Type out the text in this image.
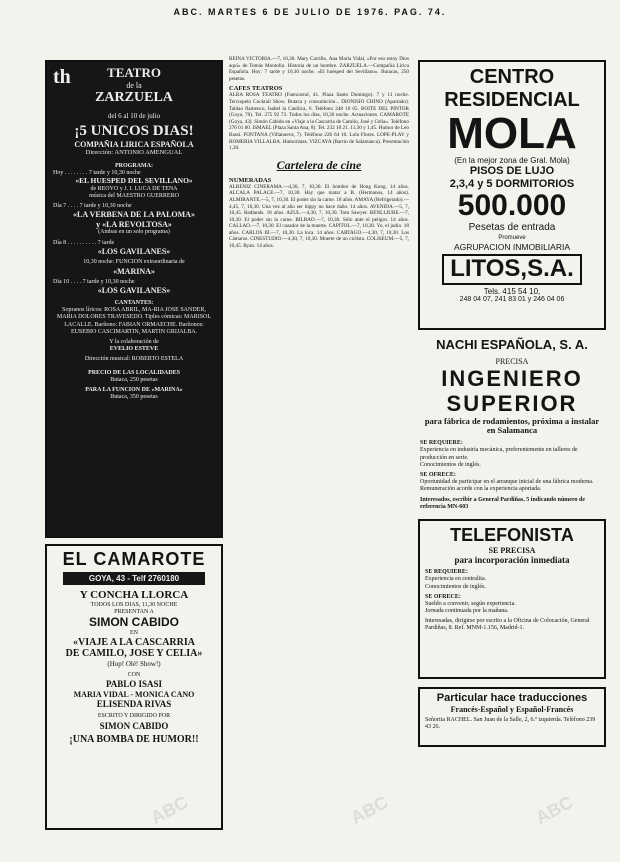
ABC. MARTES 6 DE JULIO DE 1976. PAG. 74.
th	TEATRO
de la
ZARZUELA
del 6 al 10 de julio
¡5 UNICOS DIAS!
COMPAÑIA LIRICA ESPAÑOLA
Dirección: ANTONIO AMENGUAL
PROGRAMA:
Hoy . . . . . . . . 7 tarde y 10,30 noche
«EL HUESPED DEL SEVILLANO»
de REOYO y J. I. LUCA DE TENA
música del MAESTRO GUERRERO
Día 7 . . . . 7 tarde y 10,30 noche
«LA VERBENA DE LA PALOMA»
y «LA REVOLTOSA»
(Ambas en un solo programa)
Día 8 . . . . . . . . . . 7 tarde
«LOS GAVILANES»
10,30 noche: FUNCION extraordinaria de
«MARINA»
Día 10 . . . . 7 tarde y 10,30 noche
«LOS GAVILANES»
CANTANTES:
Sopranos líricos: ROSA ABRIL, MA-RIA JOSE SANDER, MARIA DOLORES TRAVESEDO. Tiples cómicas: MARISOL LACALLE. Barítono: FABIAN ORMAECHE. Barítonos: EUSEBIO CASCIMARTIN, MARTIN GRIJALBA.
Y la colaboración de
EVELIO ESTEVE
Dirección musical: ROBERTO ESTELA
PRECIO DE LAS LOCALIDADES
Butaca, 250 pesetas
PARA LA FUNCION DE «MARINA»
Butaca, 350 pesetas
EL CAMAROTE
GOYA, 43 - Telf 2760180
Y CONCHA LLORCA
TODOS LOS DIAS, 11,30 NOCHE
PRESENTAN A
SIMON CABIDO
EN
«VIAJE A LA CASCARRIA
DE CAMILO, JOSE Y CELIA»
(Hop! Olé! Show!)
CON
PABLO ISASI
MARIA VIDAL - MONICA CANO
ELISENDA RIVAS
ESCRITO Y DIRIGIDO POR
SIMON CABIDO
¡UNA BOMBA DE HUMOR!!

REINA VICTORIA.—7, 10,30. Mary Carrillo, Ana María Vidal, «Por eso estoy Dios aquí» de Tomás Montolíu. Historia de un hombre. ZARZUELA.—Compañía Lírica Española. Hoy: 7 tarde y 10,30 noche. «El huésped del Sevillano». Butacas, 250 pesetas.

CAFES TEATROS

ALBA ROSA TEATRO (Fuencarral, 41. Plaza Santo Domingo). 7 y 11 noche. Terciopelo Cocktail Show. Butaca y consumición... DIONISIO CHINO (Apartado). Tablao flamenco, Isabel la Católica, 6. Teléfono 248 10 05. BOITE DEL PINTOR (Goya, 70). Tel. 275 92 73. Todos los días, 10,30 noche. Actuaciones. CAMAROTE (Goya, 43). Simón Cabido en «Viaje a la Cascarria de Camilo, José y Celia». Teléfono 276 01 80. ISMAEL (Plaza Santa Ana, 8). Tel. 232 10 21. 11,30 y 1,45. Humor de Leo Bassi. FONTANA (Villanueva, 7). Teléfono 226 64 10. Lola Flores. LOPE-PLAY y ROMERIA VILLALBA. Humoristas. VIZCAYA (Barrio de Salamanca). Presentación 1,30.

Cartelera de cine
NUMERADAS

ALBENIZ CINERAMA.—4,30, 7, 10,30. El hombre de Hong Kong. 14 años. ALCALA PALACE.—7, 10,30. Hay que matar a B. (Hermanos, 14 años). ALMIRANTE.—5, 7, 10,30. El poder sin la carne. 18 años. AMAYA (Refrigerado).—4,45, 7, 10,30. Una vez al año ser hippy no hace daño. 14 años. AVENIDA.—5, 7, 10,45. Badlands. 18 años. AZUL.—4,30, 7, 10,30. Tom Sawyer. BENLLIURE.—7, 10,30. El poder sin la carne. BILBAO.—7, 10,30. Sólo ante el peligro. 14 años. CALLAO.—7, 10,30. El cazador de la muerte. CAPITOL.—7, 10,30. Yo, el judío. 18 años. CARLOS III.—7, 10,30. La loca. 14 años. CARTAGO.—4,30, 7, 10,30. Los Cámaros. CINESTUDIO.—4,30, 7, 10,30. Muerte de un ciclista. COLISEUM.—5, 7, 10,45. Ryan. 14 años.

CENTRO
RESIDENCIAL
MOLA
(En la mejor zona de Gral. Mola)
PISOS DE LUJO
2,3,4 y 5 DORMITORIOS
500.000
Pesetas de entrada
Promueve
AGRUPACION INMOBILIARIA
LITOS,S.A.
Tels. 415 54 10,
248 04 07, 241 83 01 y 246 04 06
NACHI ESPAÑOLA, S. A.
PRECISA
INGENIERO
SUPERIOR
para fábrica de rodamientos, próxima a instalar en Salamanca
SE REQUIERE:
Experiencia en industria mecánica, preferentemente en talleres de producción en serie.
Conocimientos de inglés.
SE OFRECE:
Oportunidad de participar en el arranque inicial de una fábrica moderna.
Remuneración acorde con la experiencia aportada.
Interesados, escribir a General Pardiñas, 5 indicando número de referencia MN-603
TELEFONISTA
SE PRECISA
para incorporación inmediata
SE REQUIERE:
Experiencia en centralita.
Conocimientos de inglés.
SE OFRECE:
Sueldo a convenir, según experiencia.
Jornada continuada por la mañana.
Interesadas, dirigirse por escrito a la Oficina de Colocación, General Pardiñas, 8. Ref. MNM-1.156, Madrid-1.
Particular hace traducciones
Francés-Español y Español-Francés
Señorita RACHEL. San Juan de la Salle, 2, 6.º izquierda. Teléfono 239 43 26.
ABC	ABC	ABC
